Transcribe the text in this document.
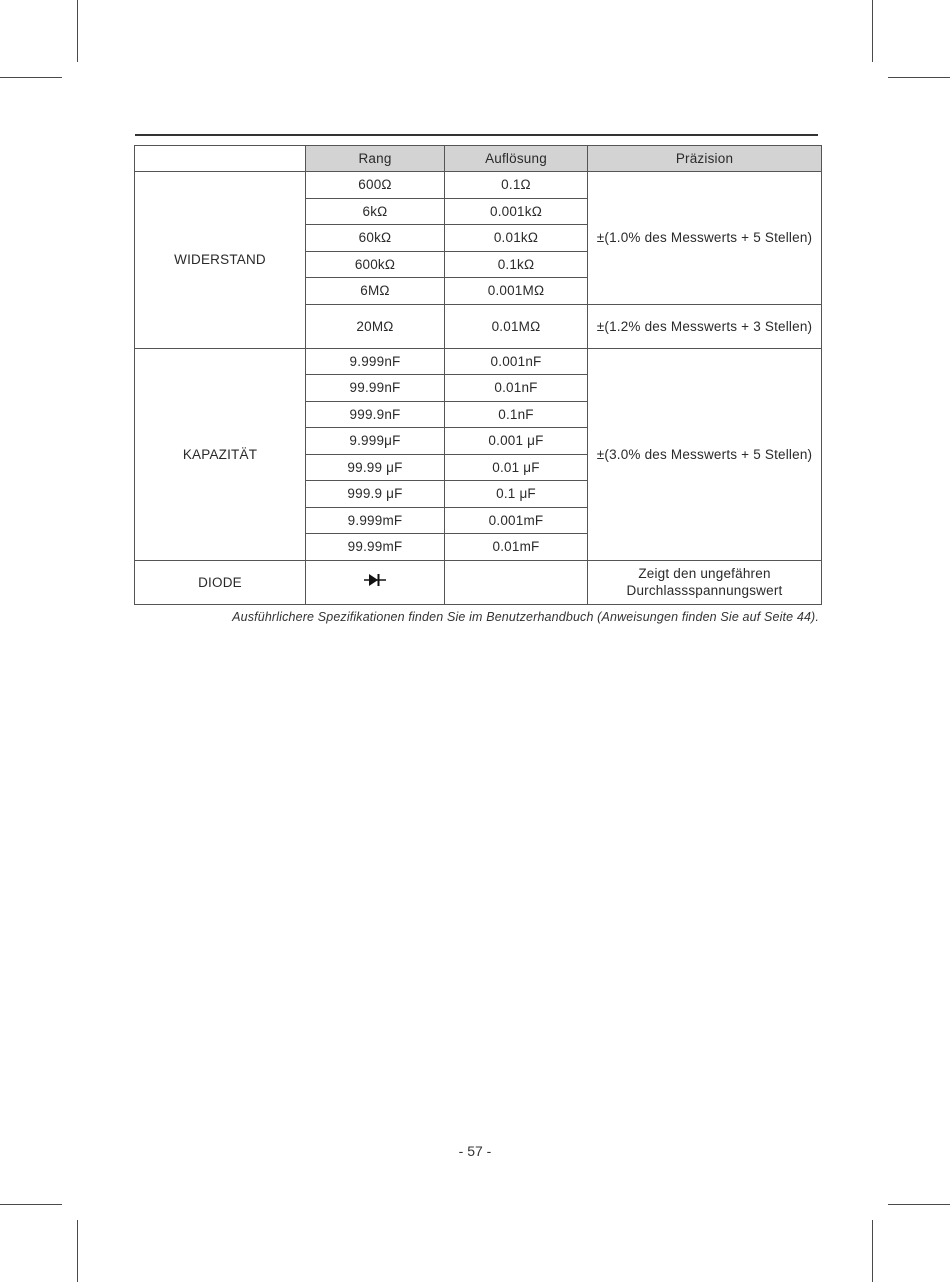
	Rang	Auflösung	Präzision
WIDERSTAND	600Ω	0.1Ω	±(1.0% des Messwerts + 5 Stellen)
	6kΩ	0.001kΩ	
	60kΩ	0.01kΩ	
	600kΩ	0.1kΩ	
	6MΩ	0.001MΩ	
	20MΩ	0.01MΩ	±(1.2% des Messwerts + 3 Stellen)
KAPAZITÄT	9.999nF	0.001nF	±(3.0% des Messwerts + 5 Stellen)
	99.99nF	0.01nF	
	999.9nF	0.1nF	
	9.999μF	0.001 μF	
	99.99 μF	0.01 μF	
	999.9 μF	0.1 μF	
	9.999mF	0.001mF	
	99.99mF	0.01mF	
DIODE			Zeigt den ungefähren Durchlassspannungswert
Ausführlichere Spezifikationen finden Sie im Benutzerhandbuch (Anweisungen finden Sie auf Seite 44).
- 57 -
